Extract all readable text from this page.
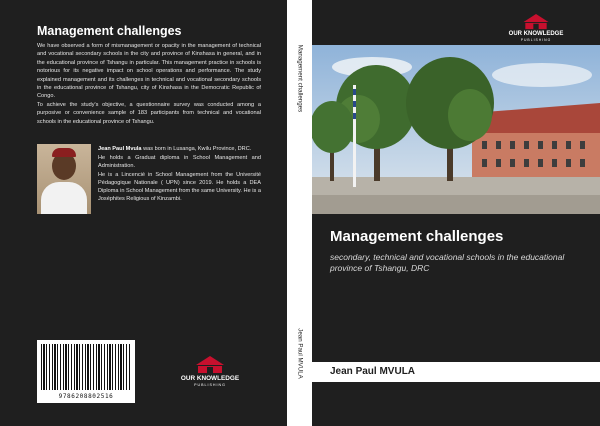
Management challenges

We have observed a form of mismanagement or opacity in the management of technical and vocational secondary schools in the city and province of Kinshasa in general, and in the educational province of Tshangu in particular. This management practice in schools is notorious for its negative impact on school operations and performance. The study explained management and its challenges in technical and vocational secondary schools in the educational province of Tshangu, city of Kinshasa in the Democratic Republic of Congo.

To achieve the study's objective, a questionnaire survey was conducted among a purposive or convenience sample of 183 participants from technical and vocational schools in the educational province of Tshangu.

Jean Paul Mvula was born in Lusanga, Kwilu Province, DRC.

He holds a Graduat diploma in School Management and Administration.

He is a Lincencié in School Management from the Université Pédagogique Nationale ( UPN) since 2019. He holds a DEA Diploma in School Management from the same University. He is a Joséphites Religious of Kinzambi.

9786208802516
OUR KNOWLEDGE
PUBLISHING
Management challenges
Jean Paul MVULA
OUR KNOWLEDGE
PUBLISHING
Management challenges
secondary, technical and vocational schools in the educational province of Tshangu, DRC
Jean Paul MVULA
